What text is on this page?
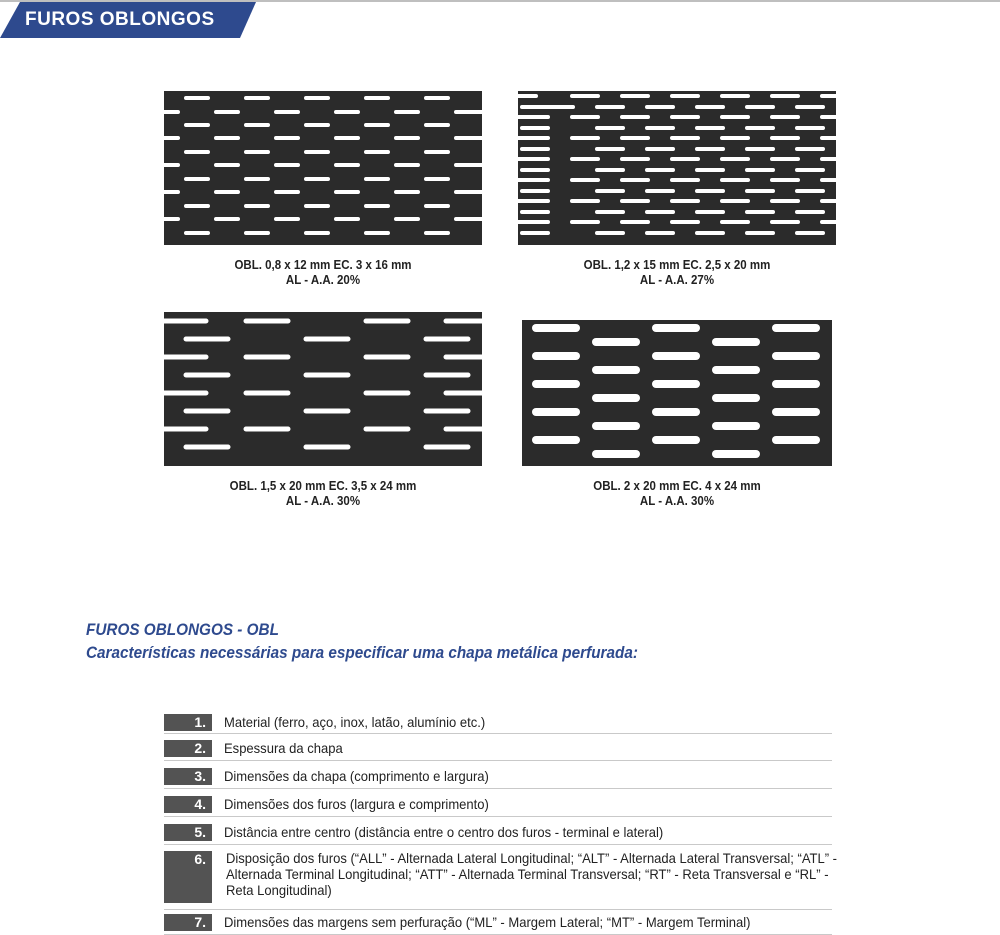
FUROS OBLONGOS
OBL. 0,8 x 12 mm EC. 3 x 16 mm
AL - A.A. 20%
OBL. 1,2 x 15 mm EC. 2,5 x 20 mm
AL - A.A. 27%
OBL. 1,5 x 20 mm EC. 3,5 x 24 mm
AL - A.A. 30%
OBL. 2 x 20 mm EC. 4 x 24 mm
AL - A.A. 30%
FUROS OBLONGOS - OBL
Características necessárias para especificar uma chapa metálica perfurada:
1.	Material (ferro, aço, inox, latão, alumínio etc.)
2.	Espessura da chapa
3.	Dimensões da chapa (comprimento e largura)
4.	Dimensões dos furos (largura e comprimento)
5.	Distância entre centro (distância entre o centro dos furos - terminal e lateral)
6.	Disposição dos furos (“ALL” - Alternada Lateral Longitudinal; “ALT” - Alternada Lateral Transversal; “ATL” - Alternada Terminal Longitudinal; “ATT” - Alternada Terminal Transversal; “RT” - Reta Transversal e “RL” - Reta Longitudinal)
7.	Dimensões das margens sem perfuração (“ML” - Margem Lateral; “MT” - Margem Terminal)
